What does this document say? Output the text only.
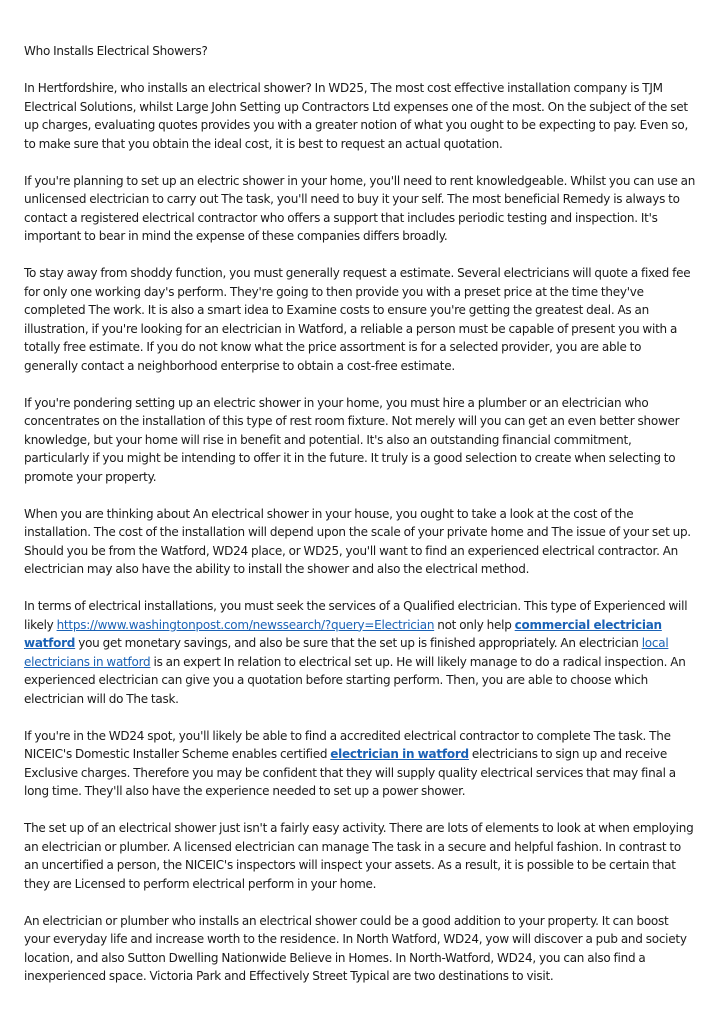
Who Installs Electrical Showers?

In Hertfordshire, who installs an electrical shower? In WD25, The most cost effective installation company is TJM Electrical Solutions, whilst Large John Setting up Contractors Ltd expenses one of the most. On the subject of the set up charges, evaluating quotes provides you with a greater notion of what you ought to be expecting to pay. Even so, to make sure that you obtain the ideal cost, it is best to request an actual quotation.

If you're planning to set up an electric shower in your home, you'll need to rent knowledgeable. Whilst you can use an unlicensed electrician to carry out The task, you'll need to buy it your self. The most beneficial Remedy is always to contact a registered electrical contractor who offers a support that includes periodic testing and inspection. It's important to bear in mind the expense of these companies differs broadly.

To stay away from shoddy function, you must generally request a estimate. Several electricians will quote a fixed fee for only one working day's perform. They're going to then provide you with a preset price at the time they've completed The work. It is also a smart idea to Examine costs to ensure you're getting the greatest deal. As an illustration, if you're looking for an electrician in Watford, a reliable a person must be capable of present you with a totally free estimate. If you do not know what the price assortment is for a selected provider, you are able to generally contact a neighborhood enterprise to obtain a cost-free estimate.

If you're pondering setting up an electric shower in your home, you must hire a plumber or an electrician who concentrates on the installation of this type of rest room fixture. Not merely will you can get an even better shower knowledge, but your home will rise in benefit and potential. It's also an outstanding financial commitment, particularly if you might be intending to offer it in the future. It truly is a good selection to create when selecting to promote your property.

When you are thinking about An electrical shower in your house, you ought to take a look at the cost of the installation. The cost of the installation will depend upon the scale of your private home and The issue of your set up. Should you be from the Watford, WD24 place, or WD25, you'll want to find an experienced electrical contractor. An electrician may also have the ability to install the shower and also the electrical method.

In terms of electrical installations, you must seek the services of a Qualified electrician. This type of Experienced will likely https://www.washingtonpost.com/newssearch/?query=Electrician not only help commercial electrician watford you get monetary savings, and also be sure that the set up is finished appropriately. An electrician local electricians in watford is an expert In relation to electrical set up. He will likely manage to do a radical inspection. An experienced electrician can give you a quotation before starting perform. Then, you are able to choose which electrician will do The task.

If you're in the WD24 spot, you'll likely be able to find a accredited electrical contractor to complete The task. The NICEIC's Domestic Installer Scheme enables certified electrician in watford electricians to sign up and receive Exclusive charges. Therefore you may be confident that they will supply quality electrical services that may final a long time. They'll also have the experience needed to set up a power shower.

The set up of an electrical shower just isn't a fairly easy activity. There are lots of elements to look at when employing an electrician or plumber. A licensed electrician can manage The task in a secure and helpful fashion. In contrast to an uncertified a person, the NICEIC's inspectors will inspect your assets. As a result, it is possible to be certain that they are Licensed to perform electrical perform in your home.

An electrician or plumber who installs an electrical shower could be a good addition to your property. It can boost your everyday life and increase worth to the residence. In North Watford, WD24, yow will discover a pub and society location, and also Sutton Dwelling Nationwide Believe in Homes. In North-Watford, WD24, you can also find a inexperienced space. Victoria Park and Effectively Street Typical are two destinations to visit.
